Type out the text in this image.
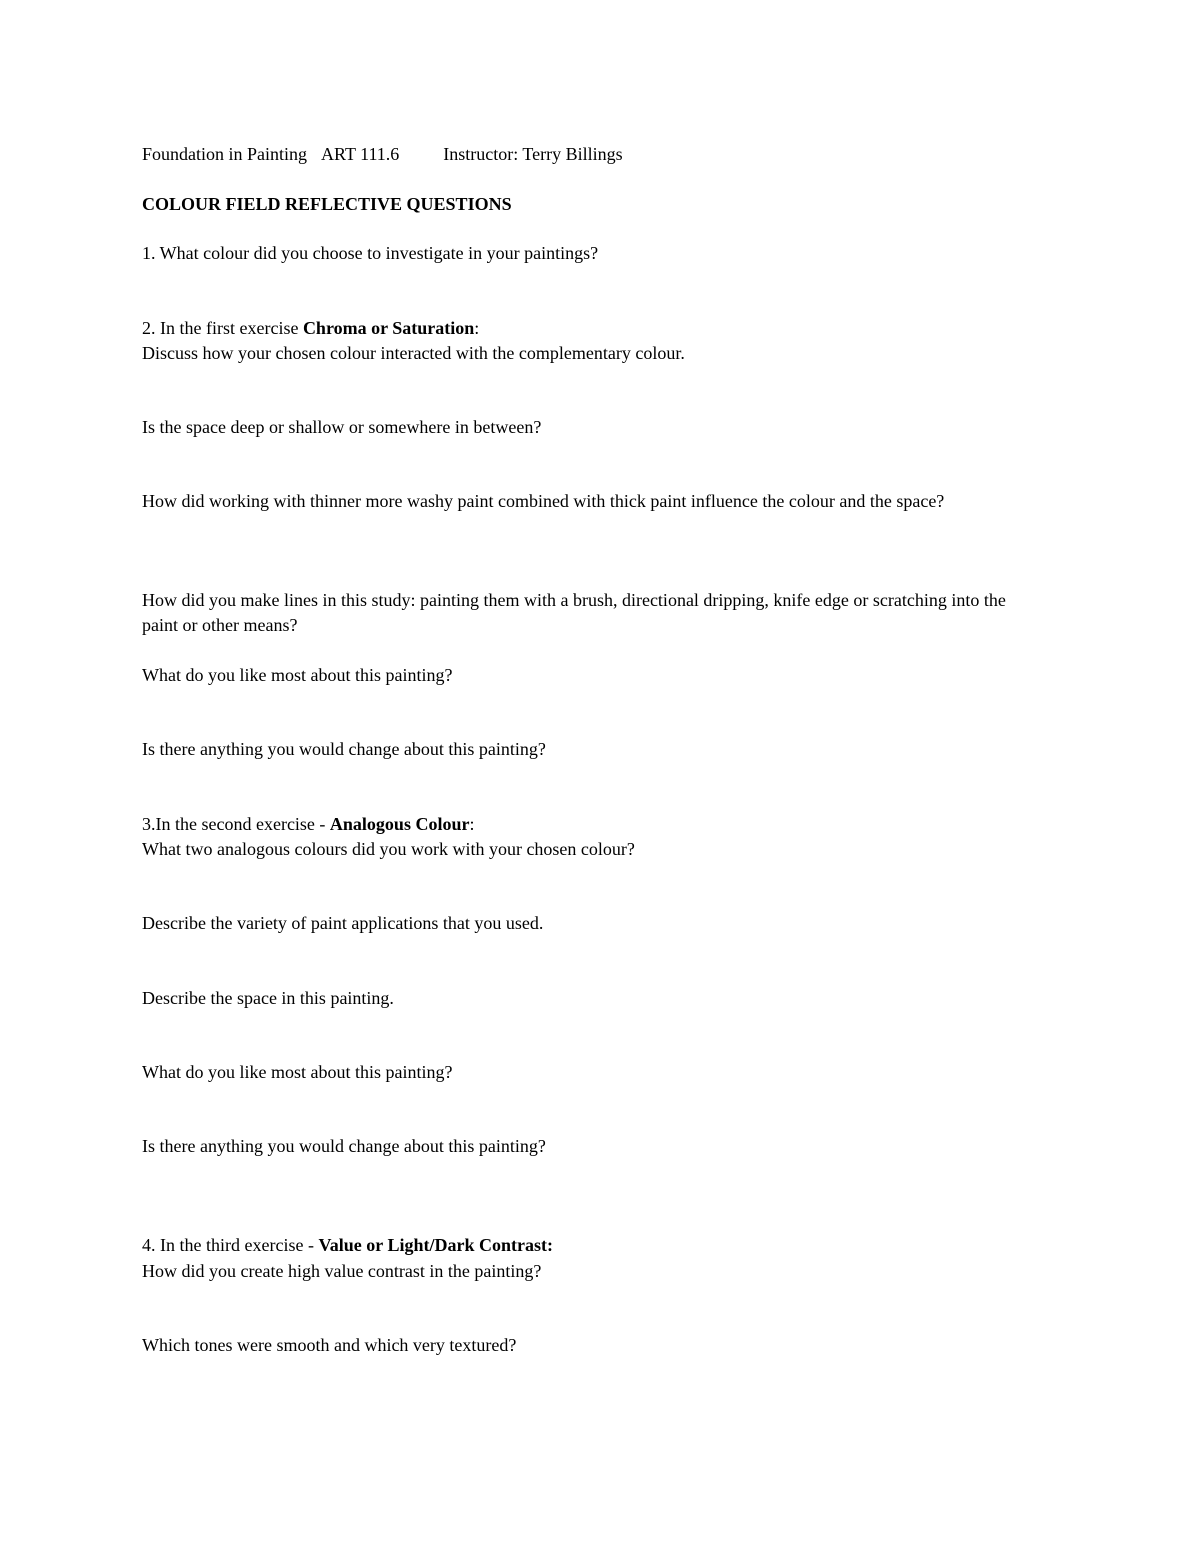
Foundation in Painting ART 111.6 Instructor: Terry Billings
COLOUR FIELD REFLECTIVE QUESTIONS
1. What colour did you choose to investigate in your paintings?
2. In the first exercise Chroma or Saturation:
Discuss how your chosen colour interacted with the complementary colour.
Is the space deep or shallow or somewhere in between?
How did working with thinner more washy paint combined with thick paint influence the colour and the space?
How did you make lines in this study: painting them with a brush, directional dripping, knife edge or scratching into the paint or other means?
What do you like most about this painting?
Is there anything you would change about this painting?
3.In the second exercise - Analogous Colour:
What two analogous colours did you work with your chosen colour?
Describe the variety of paint applications that you used.
Describe the space in this painting.
What do you like most about this painting?
Is there anything you would change about this painting?
4. In the third exercise - Value or Light/Dark Contrast:
How did you create high value contrast in the painting?
Which tones were smooth and which very textured?
